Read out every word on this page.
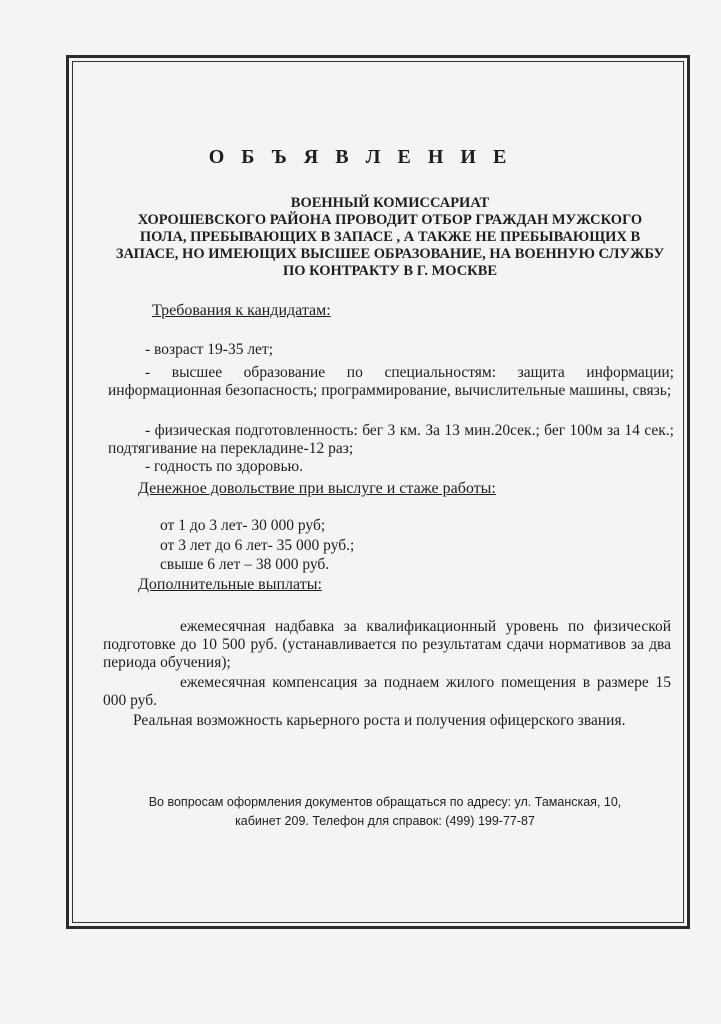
О Б Ъ Я В Л Е Н И Е
ВОЕННЫЙ КОМИССАРИАТ
ХОРОШЕВСКОГО РАЙОНА ПРОВОДИТ ОТБОР ГРАЖДАН МУЖСКОГО
ПОЛА, ПРЕБЫВАЮЩИХ В ЗАПАСЕ , А ТАКЖЕ НЕ ПРЕБЫВАЮЩИХ В
ЗАПАСЕ, НО ИМЕЮЩИХ ВЫСШЕЕ ОБРАЗОВАНИЕ, НА ВОЕННУЮ СЛУЖБУ
ПО КОНТРАКТУ В Г. МОСКВЕ
Требования к кандидатам:
- возраст 19-35 лет;
- высшее образование по специальностям: защита информации; информационная безопасность; программирование, вычислительные машины, связь;
- физическая подготовленность: бег 3 км. За 13 мин.20сек.; бег 100м за 14 сек.; подтягивание на перекладине-12 раз;
- годность по здоровью.
Денежное довольствие при выслуге и стаже работы:
от 1 до 3 лет- 30 000 руб;
от 3 лет до 6 лет- 35 000 руб.;
свыше 6 лет – 38 000 руб.
Дополнительные выплаты:
ежемесячная надбавка за квалификационный уровень по физической подготовке до 10 500 руб. (устанавливается по результатам сдачи нормативов за два периода обучения);
ежемесячная компенсация за поднаем жилого помещения в размере 15 000 руб.
Реальная возможность карьерного роста и получения офицерского звания.
Во вопросам оформления документов обращаться по адресу: ул. Таманская, 10,
кабинет 209. Телефон для справок: (499) 199-77-87
